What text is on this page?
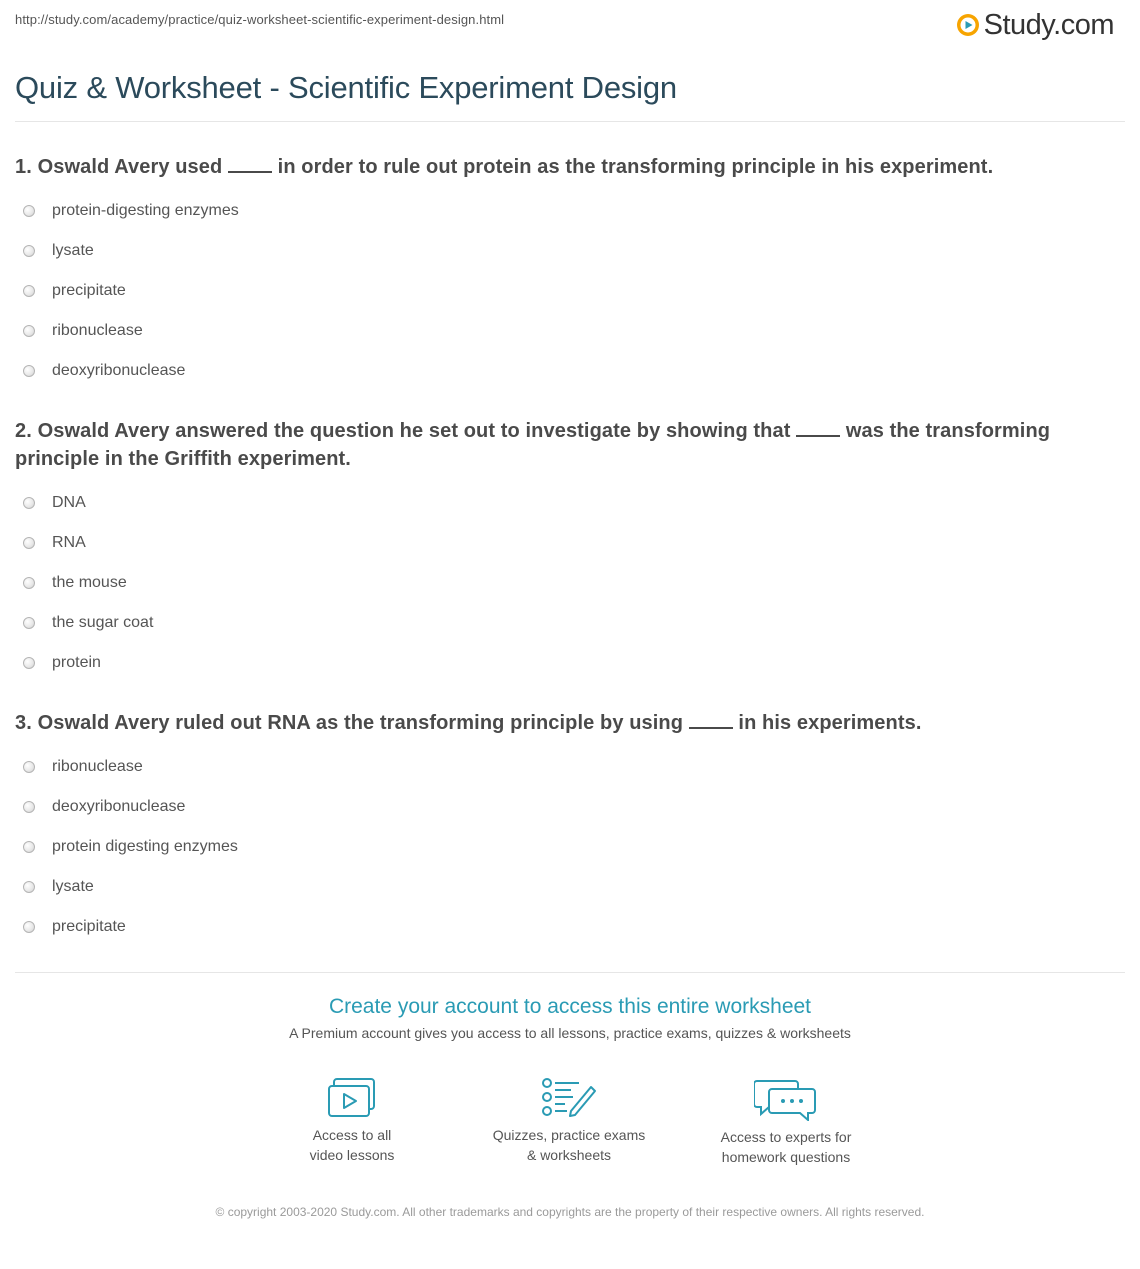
http://study.com/academy/practice/quiz-worksheet-scientific-experiment-design.html	Study.com
Quiz & Worksheet - Scientific Experiment Design

1. Oswald Avery used	in order to rule out protein as the transforming principle in his experiment.

protein-digesting enzymes
lysate
precipitate
ribonuclease
deoxyribonuclease

2. Oswald Avery answered the question he set out to investigate by showing that	was the transforming principle in the Griffith experiment.

DNA
RNA
the mouse
the sugar coat
protein

3. Oswald Avery ruled out RNA as the transforming principle by using	in his experiments.

ribonuclease
deoxyribonuclease
protein digesting enzymes
lysate
precipitate

Create your account to access this entire worksheet

A Premium account gives you access to all lessons, practice exams, quizzes & worksheets

Access to all
video lessons
Quizzes, practice exams
& worksheets
Access to experts for
homework questions
© copyright 2003-2020 Study.com. All other trademarks and copyrights are the property of their respective owners. All rights reserved.
